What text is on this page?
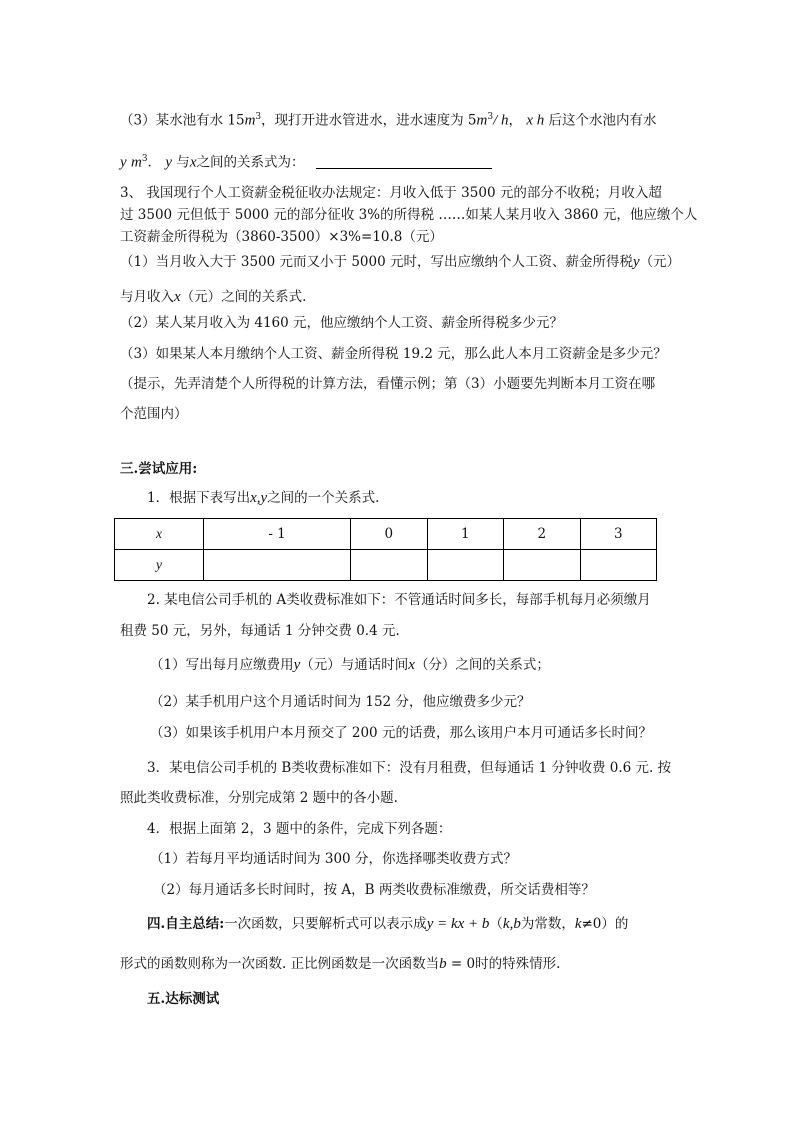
（3）某水池有水 $15m^3$，现打开进水管进水，进水速度为 $5m^3/$ h， x h 后这个水池内有水
y $m^3$． y 与x之间的关系式为：
3、 我国现行个人工资薪金税征收办法规定：月收入低于 3500 元的部分不收税；月收入超
过 3500 元但低于 5000 元的部分征收 3%的所得税 ……如某人某月收入 3860 元，他应缴个人
工资薪金所得税为（3860-3500）×3%=10.8（元）
（1）当月收入大于 3500 元而又小于 5000 元时，写出应缴纳个人工资、薪金所得税y（元）
与月收入x（元）之间的关系式.
（2）某人某月收入为 4160 元，他应缴纳个人工资、薪金所得税多少元？
（3）如果某人本月缴纳个人工资、薪金所得税 19.2 元，那么此人本月工资薪金是多少元？
（提示，先弄清楚个人所得税的计算方法，看懂示例；第（3）小题要先判断本月工资在哪
个范围内）
三.尝试应用:
1．根据下表写出x,y之间的一个关系式.
x	- 1	0	1	2	3
y					
2. 某电信公司手机的 A类收费标准如下：不管通话时间多长，每部手机每月必须缴月
租费 50 元，另外，每通话 1 分钟交费 0.4 元.
（1）写出每月应缴费用y（元）与通话时间x（分）之间的关系式；
（2）某手机用户这个月通话时间为 152 分，他应缴费多少元？
（3）如果该手机用户本月预交了 200 元的话费，那么该用户本月可通话多长时间？
3．某电信公司手机的 B类收费标准如下：没有月租费，但每通话 1 分钟收费 0.6 元. 按
照此类收费标准，分别完成第 2 题中的各小题.
4．根据上面第 2，3 题中的条件，完成下列各题：
（1）若每月平均通话时间为 300 分，你选择哪类收费方式？
（2）每月通话多长时间时，按 A，B 两类收费标准缴费，所交话费相等？
四.自主总结:一次函数，只要解析式可以表示成y = kx + b（k,b为常数，k≠0）的
形式的函数则称为一次函数. 正比例函数是一次函数当b = 0时的特殊情形.
五.达标测试
